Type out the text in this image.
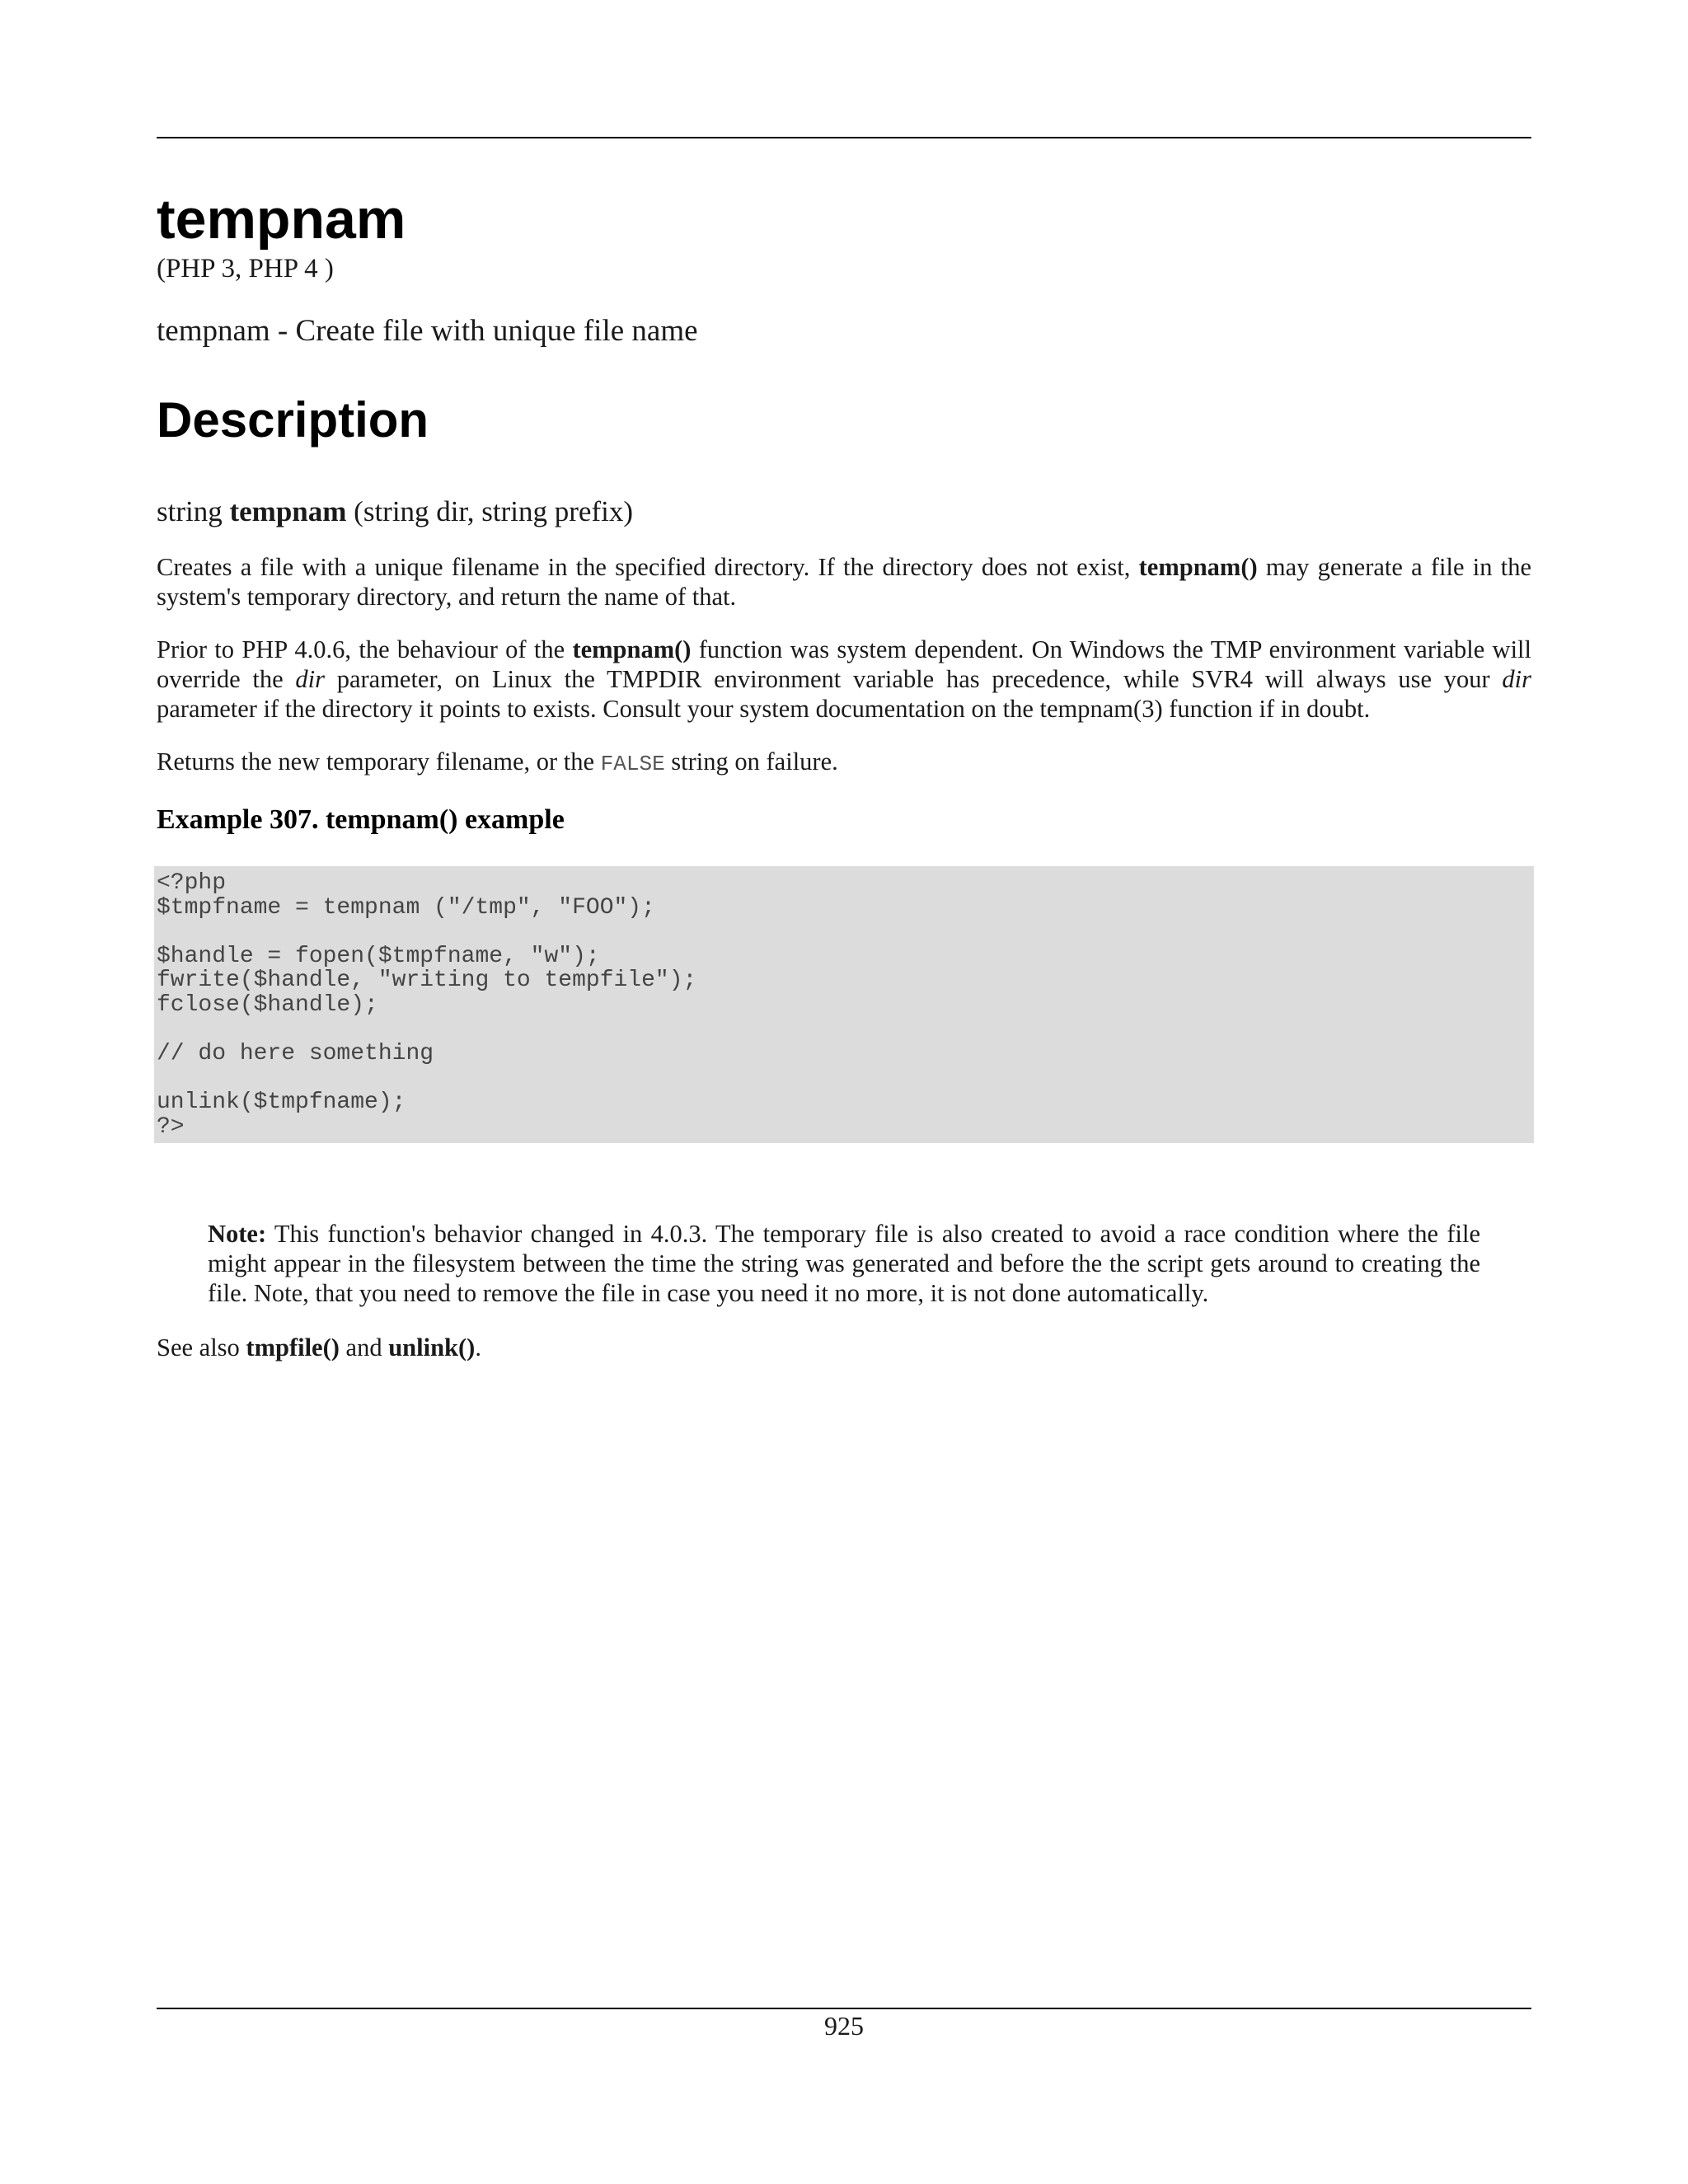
tempnam
(PHP 3, PHP 4 )
tempnam - Create file with unique file name
Description
string tempnam (string dir, string prefix)

Creates a file with a unique filename in the specified directory. If the directory does not exist, tempnam() may generate a file in the system's temporary directory, and return the name of that.

Prior to PHP 4.0.6, the behaviour of the tempnam() function was system dependent. On Windows the TMP environment variable will override the dir parameter, on Linux the TMPDIR environment variable has precedence, while SVR4 will always use your dir parameter if the directory it points to exists. Consult your system documentation on the tempnam(3) function if in doubt.

Returns the new temporary filename, or the FALSE string on failure.

Example 307. tempnam() example
<?php
$tmpfname = tempnam ("/tmp", "FOO");

$handle = fopen($tmpfname, "w");
fwrite($handle, "writing to tempfile");
fclose($handle);

// do here something

unlink($tmpfname);
?>

Note: This function's behavior changed in 4.0.3. The temporary file is also created to avoid a race condition where the file might appear in the filesystem between the time the string was generated and before the the script gets around to creating the file. Note, that you need to remove the file in case you need it no more, it is not done automatically.

See also tmpfile() and unlink().

925
